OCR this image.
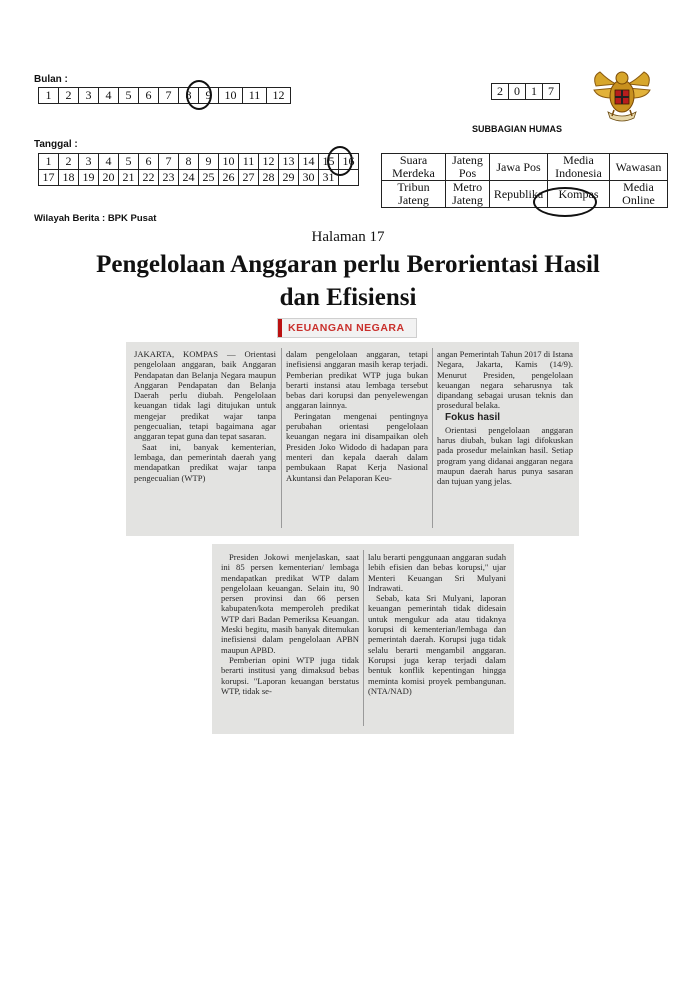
Bulan :
1	2	3	4	5	6	7	8	9	10	11	12	2	0	1	7
SUBBAGIAN HUMAS
Tanggal :
1	2	3	4	5	6	7	8	9	10	11	12	13	14	15	16
17	18	19	20	21	22	23	24	25	26	27	28	29	30	31	
Suara Merdeka	Jateng Pos	Jawa Pos	Media Indonesia	Wawasan
Tribun Jateng	Metro Jateng	Republika	Kompas	Media Online
Wilayah Berita : BPK Pusat
Halaman 17
Pengelolaan Anggaran perlu Berorientasi Hasil dan Efisiensi
KEUANGAN NEGARA

JAKARTA, KOMPAS — Orientasi pengelolaan anggaran, baik Anggaran Pendapatan dan Belanja Negara maupun Anggaran Pendapatan dan Belanja Daerah perlu diubah. Pengelolaan keuangan tidak lagi ditujukan untuk mengejar predikat wajar tanpa pengecualian, tetapi bagaimana agar anggaran tepat guna dan tepat sasaran.

Saat ini, banyak kementerian, lembaga, dan pemerintah daerah yang mendapatkan predikat wajar tanpa pengecualian (WTP)

dalam pengelolaan anggaran, tetapi inefisiensi anggaran masih kerap terjadi. Pemberian predikat WTP juga bukan berarti instansi atau lembaga tersebut bebas dari korupsi dan penyelewengan anggaran lainnya.

Peringatan mengenai pentingnya perubahan orientasi pengelolaan keuangan negara ini disampaikan oleh Presiden Joko Widodo di hadapan para menteri dan kepala daerah dalam pembukaan Rapat Kerja Nasional Akuntansi dan Pelaporan Keu-

angan Pemerintah Tahun 2017 di Istana Negara, Jakarta, Kamis (14/9). Menurut Presiden, pengelolaan keuangan negara seharusnya tak dipandang sebagai urusan teknis dan prosedural belaka.

Fokus hasil

Orientasi pengelolaan anggaran harus diubah, bukan lagi difokuskan pada prosedur melainkan hasil. Setiap program yang didanai anggaran negara maupun daerah harus punya sasaran dan tujuan yang jelas.

Presiden Jokowi menjelaskan, saat ini 85 persen kementerian/ lembaga mendapatkan predikat WTP dalam pengelolaan keuangan. Selain itu, 90 persen provinsi dan 66 persen kabupaten/kota memperoleh predikat WTP dari Badan Pemeriksa Keuangan. Meski begitu, masih banyak ditemukan inefisiensi dalam pengelolaan APBN maupun APBD.

Pemberian opini WTP juga tidak berarti institusi yang dimaksud bebas korupsi. "Laporan keuangan berstatus WTP, tidak se-

lalu berarti penggunaan anggaran sudah lebih efisien dan bebas korupsi," ujar Menteri Keuangan Sri Mulyani Indrawati.

Sebab, kata Sri Mulyani, laporan keuangan pemerintah tidak didesain untuk mengukur ada atau tidaknya korupsi di kementerian/lembaga dan pemerintah daerah. Korupsi juga tidak selalu berarti mengambil anggaran. Korupsi juga kerap terjadi dalam bentuk konflik kepentingan hingga meminta komisi proyek pembangunan. (NTA/NAD)
